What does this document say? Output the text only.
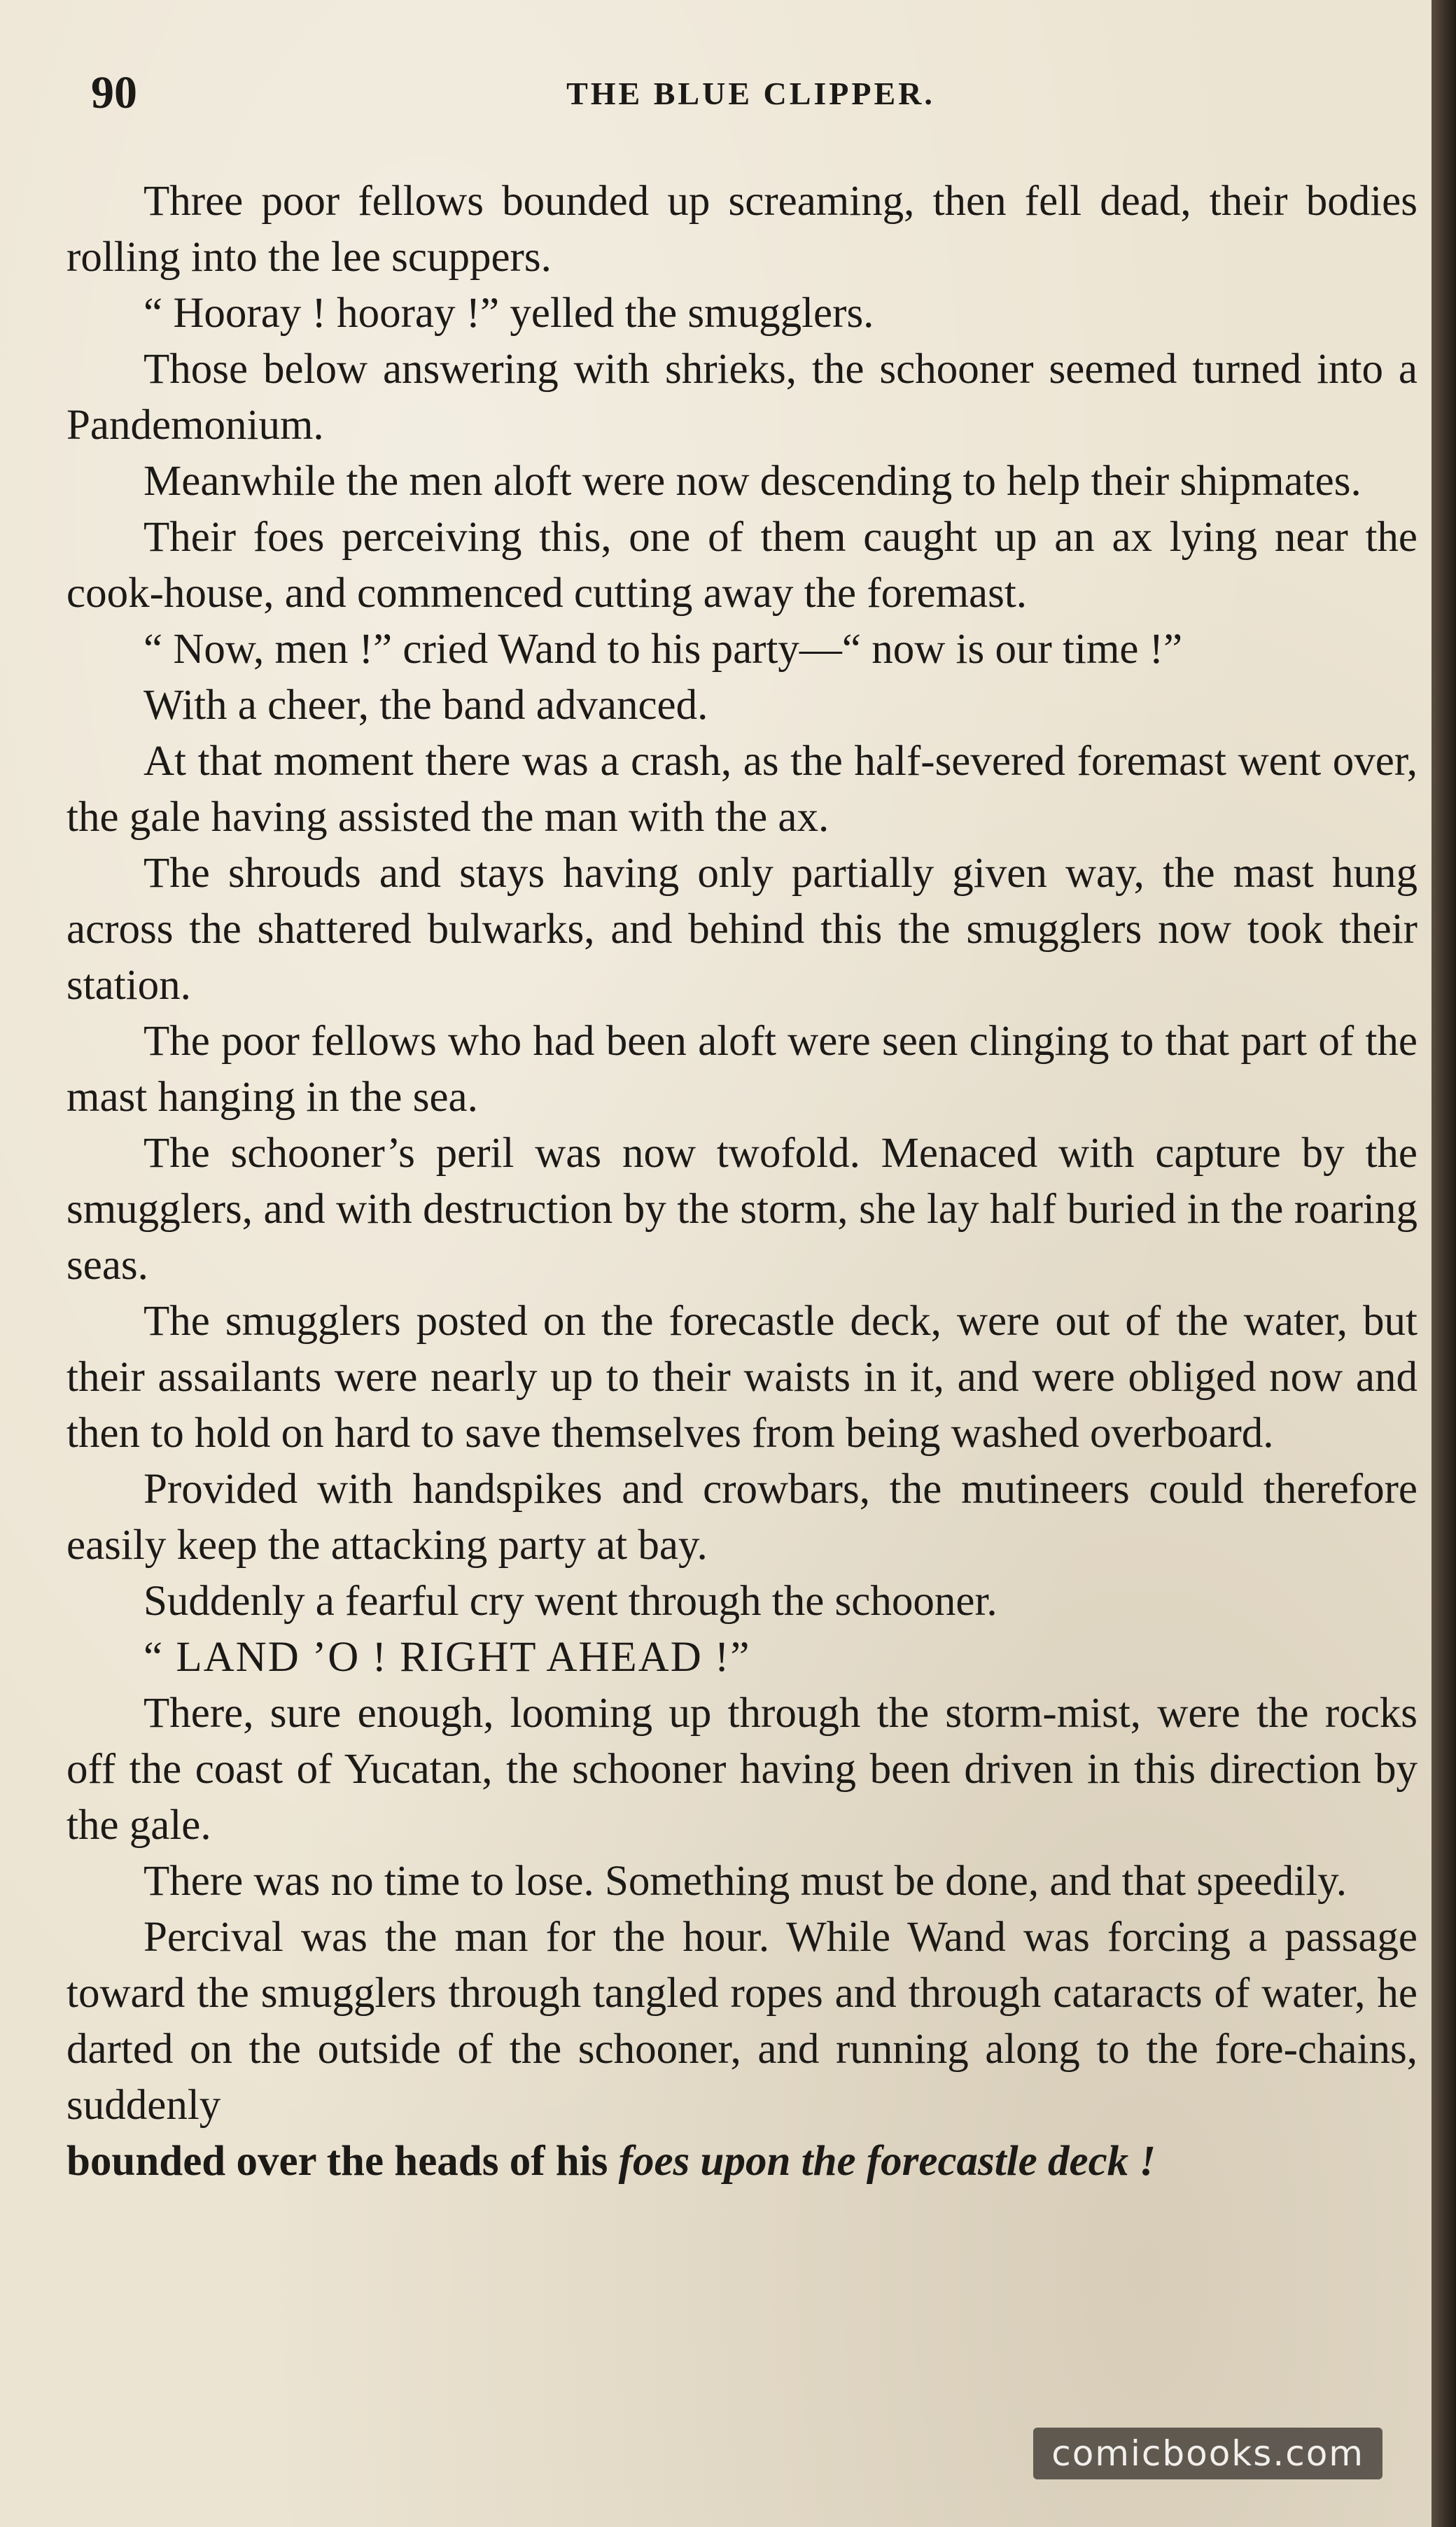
90	THE BLUE CLIPPER.

Three poor fellows bounded up screaming, then fell dead, their bodies rolling into the lee scuppers.

“ Hooray ! hooray !” yelled the smugglers.

Those below answering with shrieks, the schooner seemed turned into a Pandemonium.

Meanwhile the men aloft were now descending to help their shipmates.

Their foes perceiving this, one of them caught up an ax lying near the cook-house, and commenced cutting away the foremast.

“ Now, men !” cried Wand to his party—“ now is our time !”

With a cheer, the band advanced.

At that moment there was a crash, as the half-severed foremast went over, the gale having assisted the man with the ax.

The shrouds and stays having only partially given way, the mast hung across the shattered bulwarks, and behind this the smugglers now took their station.

The poor fellows who had been aloft were seen clinging to that part of the mast hanging in the sea.

The schooner’s peril was now twofold. Menaced with capture by the smugglers, and with destruction by the storm, she lay half buried in the roaring seas.

The smugglers posted on the forecastle deck, were out of the water, but their assailants were nearly up to their waists in it, and were obliged now and then to hold on hard to save themselves from being washed overboard.

Provided with handspikes and crowbars, the mutineers could therefore easily keep the attacking party at bay.

Suddenly a fearful cry went through the schooner.

“ LAND ’O ! RIGHT AHEAD !”

There, sure enough, looming up through the storm-mist, were the rocks off the coast of Yucatan, the schooner having been driven in this direction by the gale.

There was no time to lose. Something must be done, and that speedily.

Percival was the man for the hour. While Wand was forcing a passage toward the smugglers through tangled ropes and through cataracts of water, he darted on the outside of the schooner, and running along to the fore-chains, suddenly

bounded over the heads of his foes upon the forecastle deck !

comicbooks.com
